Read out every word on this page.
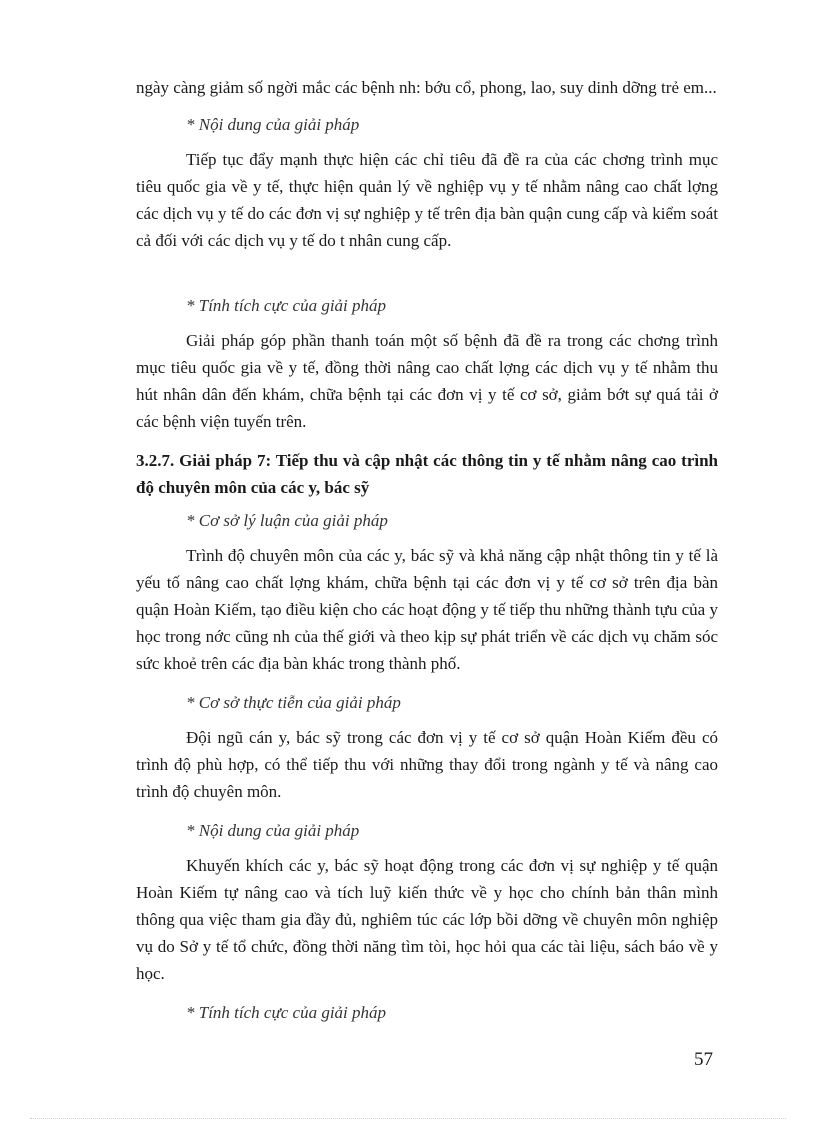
ngày càng giảm số ngời mắc các bệnh nh: bớu cổ, phong, lao, suy dinh dỡng trẻ em...

* Nội dung của giải pháp

Tiếp tục đẩy mạnh thực hiện các chỉ tiêu đã đề ra của các chơng trình mục tiêu quốc gia về y tế, thực hiện quản lý về nghiệp vụ y tế nhằm nâng cao chất lợng các dịch vụ y tế do các đơn vị sự nghiệp y tế trên địa bàn quận cung cấp và kiểm soát cả đối với các dịch vụ y tế do t nhân cung cấp.

* Tính tích cực của giải pháp

Giải pháp góp phần thanh toán một số bệnh đã đề ra trong các chơng trình mục tiêu quốc gia về y tế, đồng thời nâng cao chất lợng các dịch vụ y tế nhằm thu hút nhân dân đến khám, chữa bệnh tại các đơn vị y tế cơ sở, giảm bớt sự quá tải ở các bệnh viện tuyến trên.

3.2.7. Giải pháp 7: Tiếp thu và cập nhật các thông tin y tế nhằm nâng cao trình độ chuyên môn của các y, bác sỹ

* Cơ sở lý luận của giải pháp

Trình độ chuyên môn của các y, bác sỹ và khả năng cập nhật thông tin y tế là yếu tố nâng cao chất lợng khám, chữa bệnh tại các đơn vị y tế cơ sở trên địa bàn quận Hoàn Kiếm, tạo điều kiện cho các hoạt động y tế tiếp thu những thành tựu của y học trong nớc cũng nh của thế giới và theo kịp sự phát triển về các dịch vụ chăm sóc sức khoẻ trên các địa bàn khác trong thành phố.

* Cơ sở thực tiễn của giải pháp

Đội ngũ cán y, bác sỹ trong các đơn vị y tế cơ sở quận Hoàn Kiếm đều có trình độ phù hợp, có thể tiếp thu với những thay đổi trong ngành y tế và nâng cao trình độ chuyên môn.

* Nội dung của giải pháp

Khuyến khích các y, bác sỹ hoạt động trong các đơn vị sự nghiệp y tế quận Hoàn Kiếm tự nâng cao và tích luỹ kiến thức về y học cho chính bản thân mình thông qua việc tham gia đầy đủ, nghiêm túc các lớp bồi dỡng về chuyên môn nghiệp vụ do Sở y tế tổ chức, đồng thời năng tìm tòi, học hỏi qua các tài liệu, sách báo về y học.

* Tính tích cực của giải pháp

57
